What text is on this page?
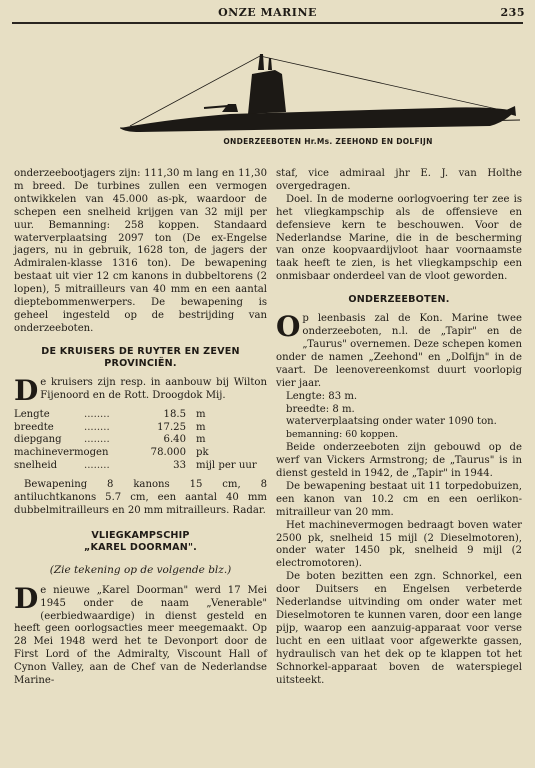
ONZE MARINE	235
ONDERZEEBOTEN Hr.Ms. ZEEHOND EN DOLFIJN

onderzeebootjagers zijn: 111,30 m lang en 11,30 m breed. De turbines zullen een vermogen ontwikkelen van 45.000 as-pk, waardoor de schepen een snelheid krijgen van 32 mijl per uur. Bemanning: 258 koppen. Standaard waterverplaatsing 2097 ton (De ex-Engelse jagers, nu in gebruik, 1628 ton, de jagers der Admiralen-klasse 1316 ton). De bewapening bestaat uit vier 12 cm kanons in dubbeltorens (2 lopen), 5 mitrailleurs van 40 mm en een aantal dieptebommenwerpers. De bewapening is geheel ingesteld op de bestrijding van onderzeeboten.

DE KRUISERS DE RUYTER EN ZEVEN PROVINCIËN.

De kruisers zijn resp. in aanbouw bij Wilton Fijenoord en de Rott. Droogdok Mij.

Lengte	........	18.5 m
breedte	........	17.25 m
diepgang	........	6.40 m
machinevermogen	78.000 pk
snelheid	........	33 mijl per uur

Bewapening 8 kanons 15 cm, 8 antiluchtkanons 5.7 cm, een aantal 40 mm dubbelmitrailleurs en 20 mm mitrailleurs. Radar.

VLIEGKAMPSCHIP
„KAREL DOORMAN".
(Zie tekening op de volgende blz.)

De nieuwe „Karel Doorman" werd 17 Mei 1945 onder de naam „Venerable" (eerbiedwaardige) in dienst gesteld en heeft geen oorlogsacties meer meegemaakt. Op 28 Mei 1948 werd het te Devonport door de First Lord of the Admiralty, Viscount Hall of Cynon Valley, aan de Chef van de Nederlandse Marine-

staf, vice admiraal jhr E. J. van Holthe overgedragen.

Doel. In de moderne oorlogvoering ter zee is het vliegkampschip als de offensieve en defensieve kern te beschouwen. Voor de Nederlandse Marine, die in de bescherming van onze koopvaardijvloot haar voornaamste taak heeft te zien, is het vliegkampschip een onmisbaar onderdeel van de vloot geworden.

ONDERZEEBOTEN.

Op leenbasis zal de Kon. Marine twee onderzeeboten, n.l. de „Tapir" en de „Taurus" overnemen. Deze schepen komen onder de namen „Zeehond" en „Dolfijn" in de vaart. De leenovereenkomst duurt voorlopig vier jaar.

Lengte: 83 m.

breedte: 8 m.

waterverplaatsing onder water 1090 ton.

bemanning: 60 koppen.

Beide onderzeeboten zijn gebouwd op de werf van Vickers Armstrong; de „Taurus" is in dienst gesteld in 1942, de „Tapir" in 1944.

De bewapening bestaat uit 11 torpedobuizen, een kanon van 10.2 cm en een oerlikon-mitrailleur van 20 mm.

Het machinevermogen bedraagt boven water 2500 pk, snelheid 15 mijl (2 Dieselmotoren), onder water 1450 pk, snelheid 9 mijl (2 electromotoren).

De boten bezitten een zgn. Schnorkel, een door Duitsers en Engelsen verbeterde Nederlandse uitvinding om onder water met Dieselmotoren te kunnen varen, door een lange pijp, waarop een aanzuig-apparaat voor verse lucht en een uitlaat voor afgewerkte gassen, hydraulisch van het dek op te klappen tot het Schnorkel-apparaat boven de waterspiegel uitsteekt.
